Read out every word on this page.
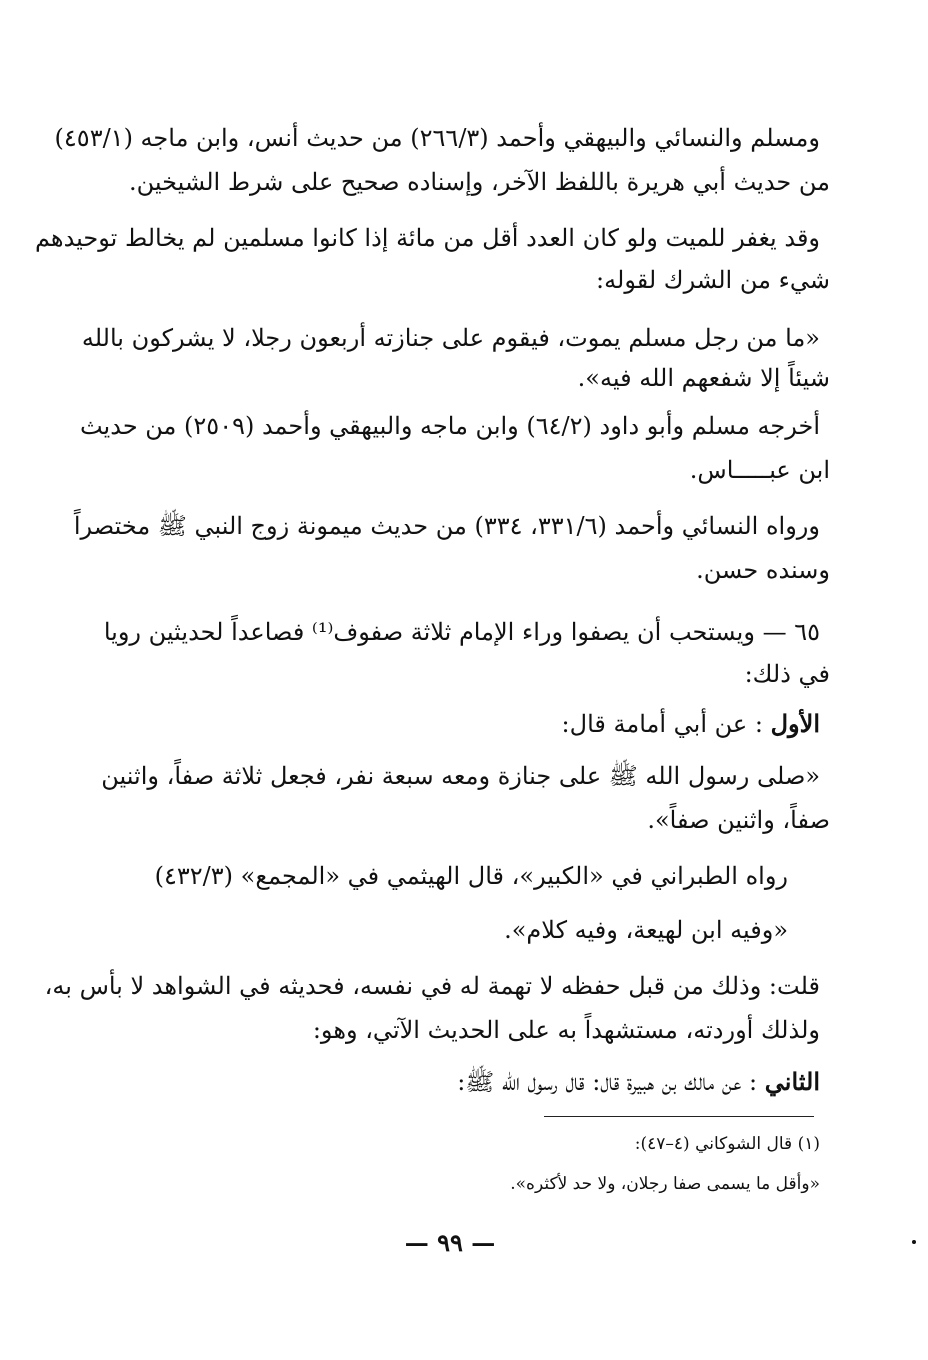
ومسلم والنسائي والبيهقي وأحمد (٢٦٦/٣) من حديث أنس، وابن ماجه (٤٥٣/١)
من حديث أبي هريرة باللفظ الآخر، وإسناده صحيح على شرط الشيخين.
وقد يغفر للميت ولو كان العدد أقل من مائة إذا كانوا مسلمين لم يخالط توحيدهم
شيء من الشرك لقوله:
«ما من رجل مسلم يموت، فيقوم على جنازته أربعون رجلا، لا يشركون بالله
شيئاً إلا شفعهم الله فيه».
أخرجه مسلم وأبو داود (٦٤/٢) وابن ماجه والبيهقي وأحمد (٢٥٠٩) من حديث
ابن عبـــــاس.
ورواه النسائي وأحمد (٣٣١/٦، ٣٣٤) من حديث ميمونة زوج النبي ﷺ مختصراً
وسنده حسن.
٦٥ — ويستحب أن يصفوا وراء الإمام ثلاثة صفوف⁽¹⁾ فصاعداً لحديثين رويا
في ذلك:
الأول : عن أبي أمامة قال:
«صلى رسول الله ﷺ على جنازة ومعه سبعة نفر، فجعل ثلاثة صفاً، واثنين
صفاً، واثنين صفاً».
رواه الطبراني في «الكبير»، قال الهيثمي في «المجمع» (٤٣٢/٣)
«وفيه ابن لهيعة، وفيه كلام».
قلت: وذلك من قبل حفظه لا تهمة له في نفسه، فحديثه في الشواهد لا بأس به،
ولذلك أوردته، مستشهداً به على الحديث الآتي، وهو:
الثاني : عن مالك بن هبيرة قال: قال رسول الله ﷺ:
(١) قال الشوكاني (٤–٤٧):
«وأقل ما يسمى صفا رجلان، ولا حد لأكثره».
— ٩٩ —
